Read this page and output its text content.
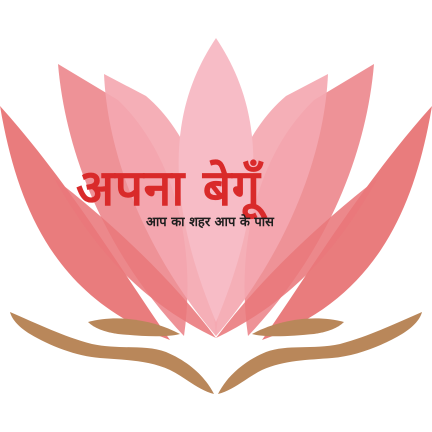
अपना बेगूँ
आप का शहर आप के पास
